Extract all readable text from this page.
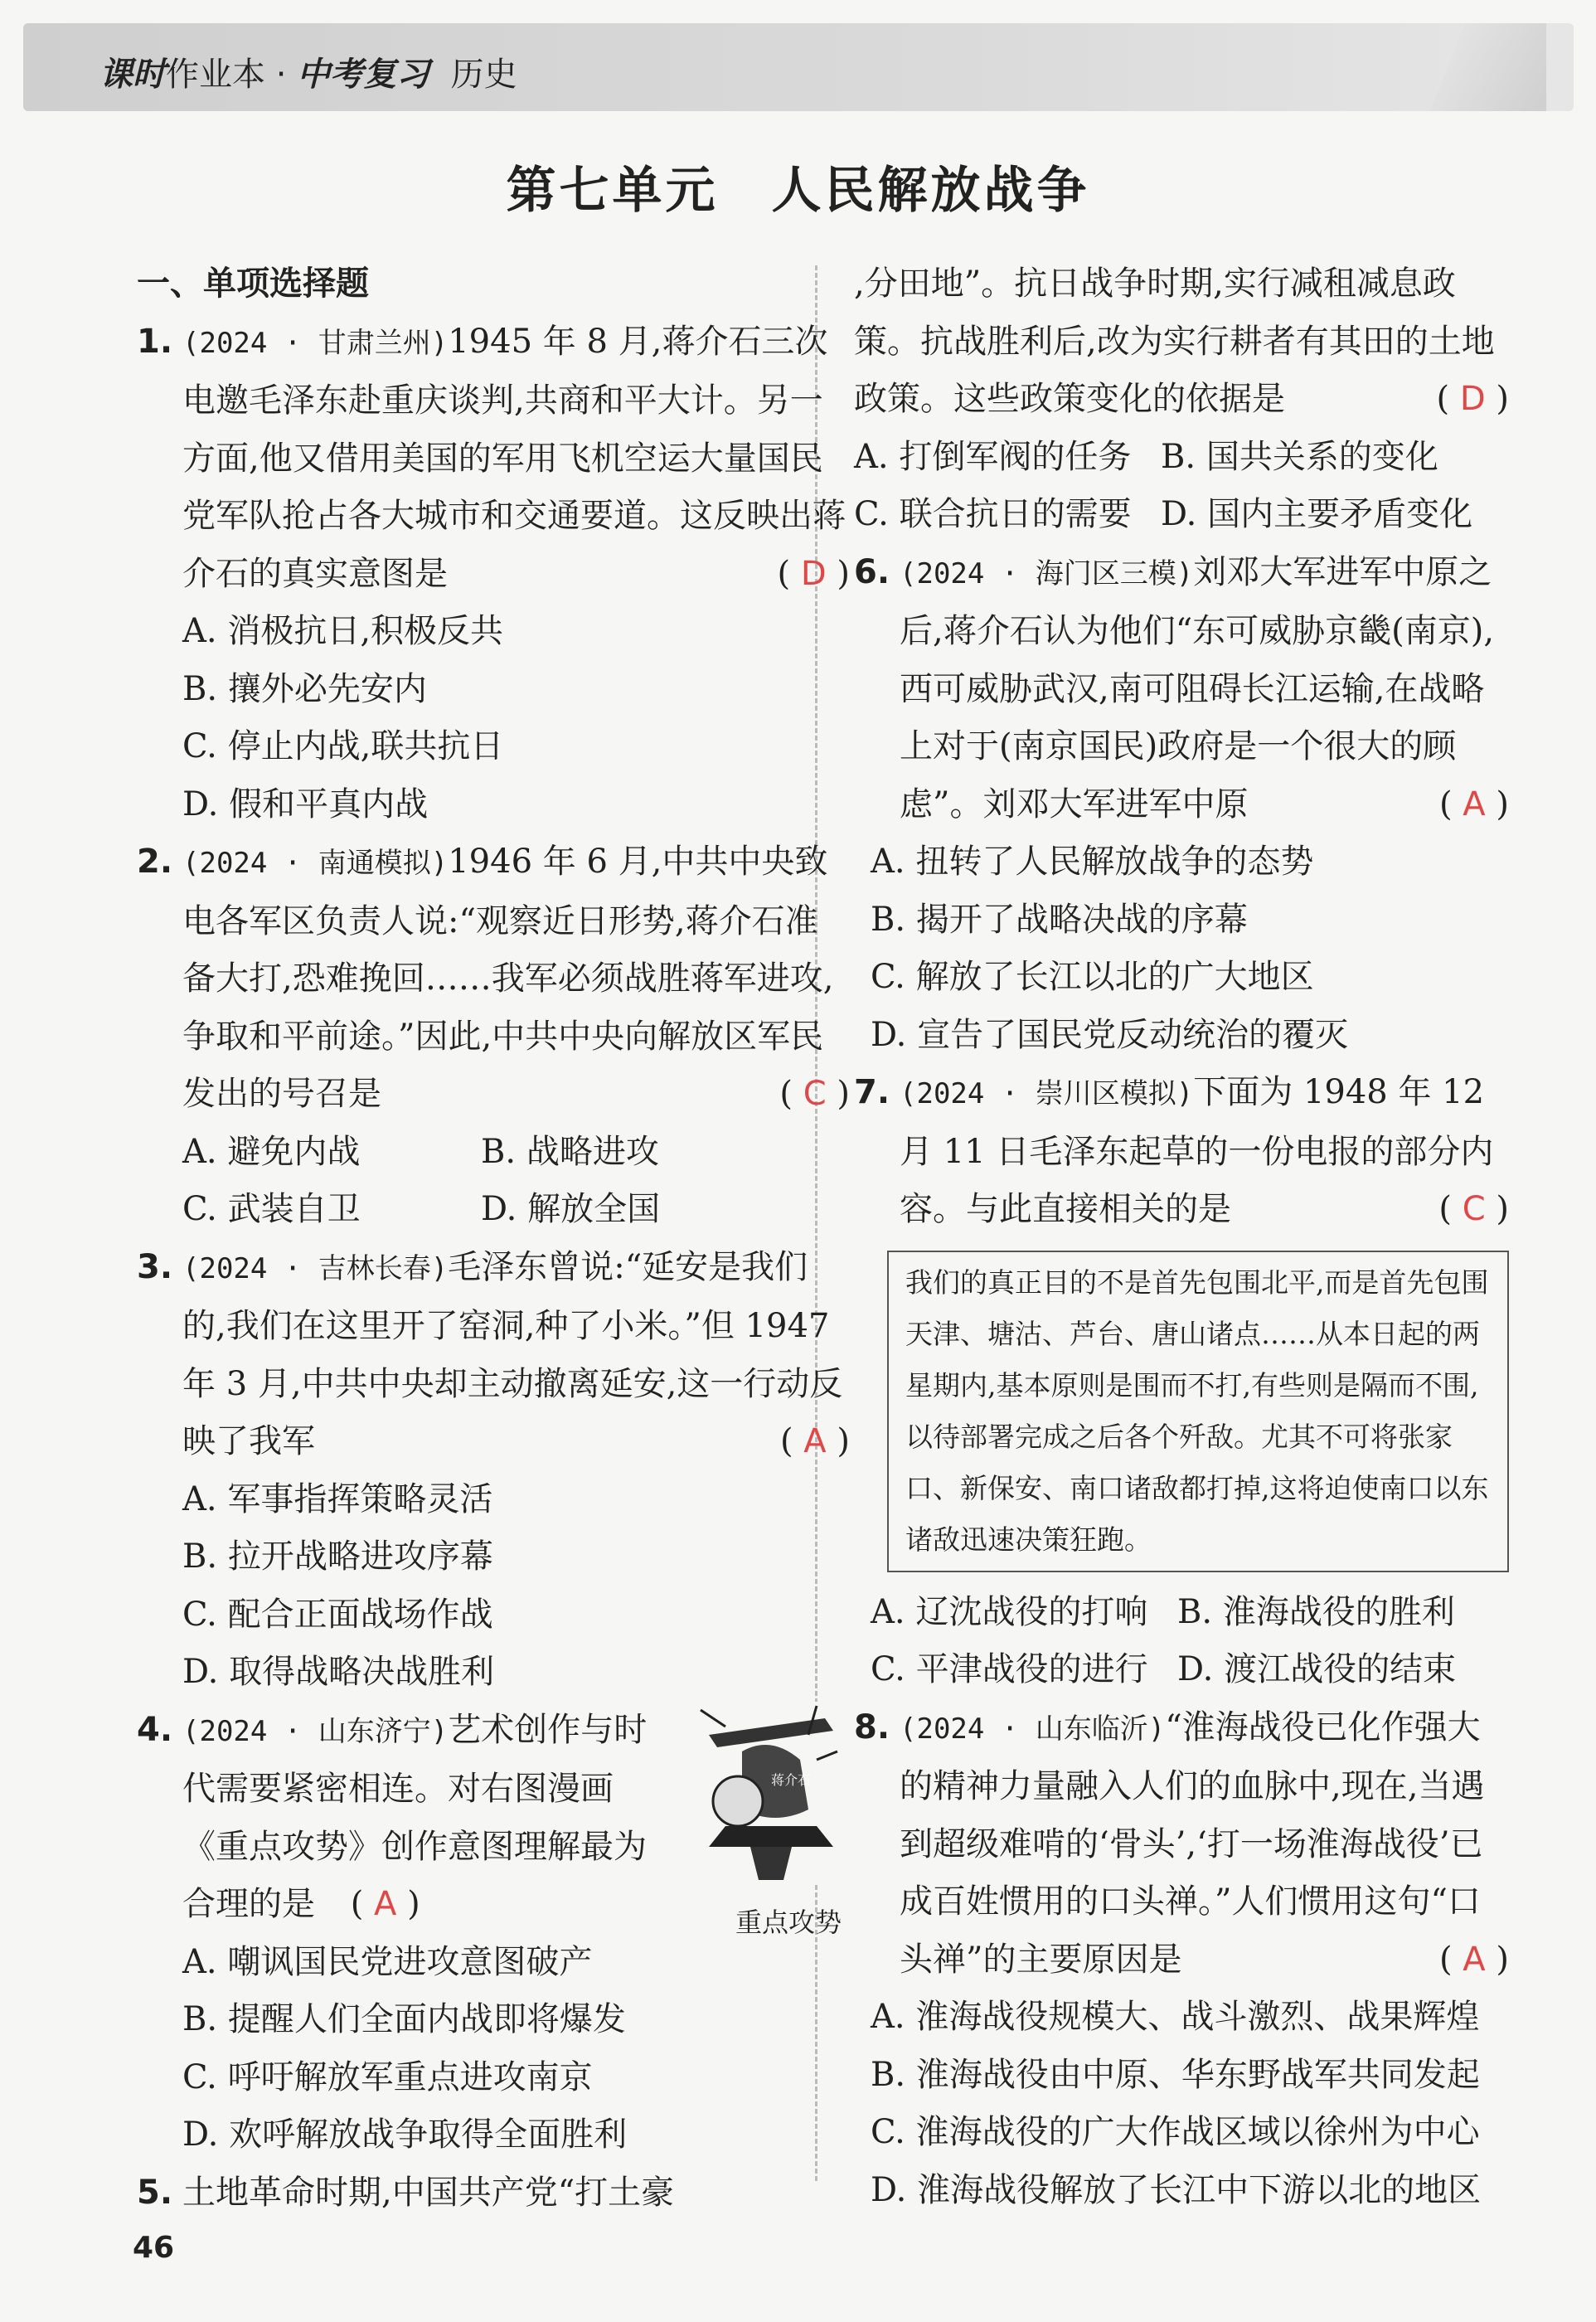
课时作业本 · 中考复习 历史
第七单元　人民解放战争
一、单项选择题
1. (2024 · 甘肃兰州)1945 年 8 月,蒋介石三次电邀毛泽东赴重庆谈判,共商和平大计。另一方面,他又借用美国的军用飞机空运大量国民党军队抢占各大城市和交通要道。这反映出蒋介石的真实意图是	( D )
A. 消极抗日,积极反共
B. 攘外必先安内
C. 停止内战,联共抗日
D. 假和平真内战
2. (2024 · 南通模拟)1946 年 6 月,中共中央致电各军区负责人说:“观察近日形势,蒋介石准备大打,恐难挽回……我军必须战胜蒋军进攻,争取和平前途。”因此,中共中央向解放区军民发出的号召是	( C )
A. 避免内战	B. 战略进攻
C. 武装自卫	D. 解放全国
3. (2024 · 吉林长春)毛泽东曾说:“延安是我们的,我们在这里开了窑洞,种了小米。”但 1947 年 3 月,中共中央却主动撤离延安,这一行动反映了我军	( A )
A. 军事指挥策略灵活
B. 拉开战略进攻序幕
C. 配合正面战场作战
D. 取得战略决战胜利
4. (2024 · 山东济宁)艺术创作与时代需要紧密相连。对右图漫画《重点攻势》创作意图理解最为合理的是 ( A )
蒋介石
重点攻势
A. 嘲讽国民党进攻意图破产
B. 提醒人们全面内战即将爆发
C. 呼吁解放军重点进攻南京
D. 欢呼解放战争取得全面胜利
5. 土地革命时期,中国共产党“打土豪
,分田地”。抗日战争时期,实行减租减息政策。抗战胜利后,改为实行耕者有其田的土地政策。这些政策变化的依据是	( D )
A. 打倒军阀的任务 B. 国共关系的变化
C. 联合抗日的需要 D. 国内主要矛盾变化
6. (2024 · 海门区三模)刘邓大军进军中原之后,蒋介石认为他们“东可威胁京畿(南京),西可威胁武汉,南可阻碍长江运输,在战略上对于(南京国民)政府是一个很大的顾虑”。刘邓大军进军中原	( A )
A. 扭转了人民解放战争的态势
B. 揭开了战略决战的序幕
C. 解放了长江以北的广大地区
D. 宣告了国民党反动统治的覆灭
7. (2024 · 崇川区模拟)下面为 1948 年 12 月 11 日毛泽东起草的一份电报的部分内容。与此直接相关的是	( C )
我们的真正目的不是首先包围北平,而是首先包围天津、塘沽、芦台、唐山诸点……从本日起的两星期内,基本原则是围而不打,有些则是隔而不围,以待部署完成之后各个歼敌。尤其不可将张家口、新保安、南口诸敌都打掉,这将迫使南口以东诸敌迅速决策狂跑。
A. 辽沈战役的打响 B. 淮海战役的胜利
C. 平津战役的进行 D. 渡江战役的结束
8. (2024 · 山东临沂)“淮海战役已化作强大的精神力量融入人们的血脉中,现在,当遇到超级难啃的‘骨头’,‘打一场淮海战役’已成百姓惯用的口头禅。”人们惯用这句“口头禅”的主要原因是	( A )
A. 淮海战役规模大、战斗激烈、战果辉煌
B. 淮海战役由中原、华东野战军共同发起
C. 淮海战役的广大作战区域以徐州为中心
D. 淮海战役解放了长江中下游以北的地区
46
